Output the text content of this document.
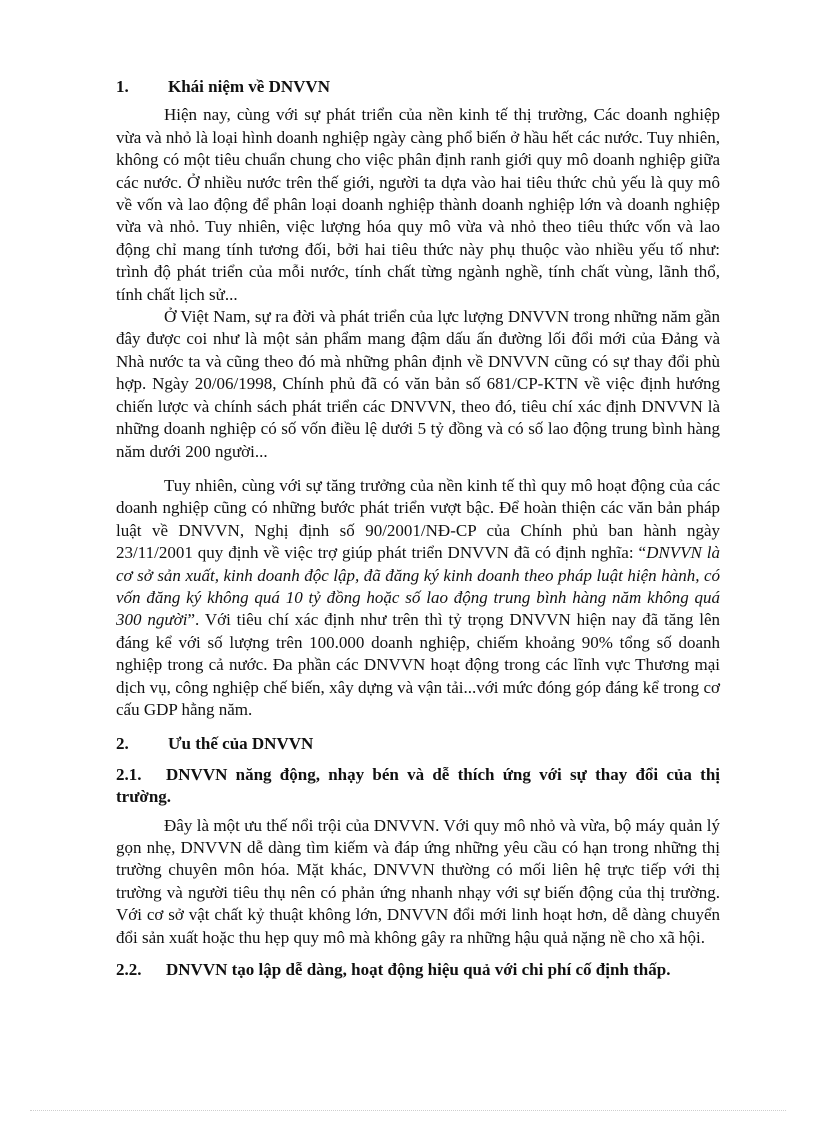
1. Khái niệm về DNVVN

Hiện nay, cùng với sự phát triển của nền kinh tế thị trường, Các doanh nghiệp vừa và nhỏ là loại hình doanh nghiệp ngày càng phổ biến ở hầu hết các nước. Tuy nhiên, không có một tiêu chuẩn chung cho việc phân định ranh giới quy mô doanh nghiệp giữa các nước. Ở nhiều nước trên thế giới, người ta dựa vào hai tiêu thức chủ yếu là quy mô về vốn và lao động để phân loại doanh nghiệp thành doanh nghiệp lớn và doanh nghiệp vừa và nhỏ. Tuy nhiên, việc lượng hóa quy mô vừa và nhỏ theo tiêu thức vốn và lao động chỉ mang tính tương đối, bởi hai tiêu thức này phụ thuộc vào nhiều yếu tố như: trình độ phát triển của mỗi nước, tính chất từng ngành nghề, tính chất vùng, lãnh thổ, tính chất lịch sử...

Ở Việt Nam, sự ra đời và phát triển của lực lượng DNVVN trong những năm gần đây được coi như là một sản phẩm mang đậm dấu ấn đường lối đổi mới của Đảng và Nhà nước ta và cũng theo đó mà những phân định về DNVVN cũng có sự thay đổi phù hợp. Ngày 20/06/1998, Chính phủ đã có văn bản số 681/CP-KTN về việc định hướng chiến lược và chính sách phát triển các DNVVN, theo đó, tiêu chí xác định DNVVN là những doanh nghiệp có số vốn điều lệ dưới 5 tỷ đồng và có số lao động trung bình hàng năm dưới 200 người...

Tuy nhiên, cùng với sự tăng trưởng của nền kinh tế thì quy mô hoạt động của các doanh nghiệp cũng có những bước phát triển vượt bậc. Để hoàn thiện các văn bản pháp luật về DNVVN, Nghị định số 90/2001/NĐ-CP của Chính phủ ban hành ngày 23/11/2001 quy định về việc trợ giúp phát triển DNVVN đã có định nghĩa: “DNVVN là cơ sở sản xuất, kinh doanh độc lập, đã đăng ký kinh doanh theo pháp luật hiện hành, có vốn đăng ký không quá 10 tỷ đồng hoặc số lao động trung bình hàng năm không quá 300 người”. Với tiêu chí xác định như trên thì tỷ trọng DNVVN hiện nay đã tăng lên đáng kể với số lượng trên 100.000 doanh nghiệp, chiếm khoảng 90% tổng số doanh nghiệp trong cả nước. Đa phần các DNVVN hoạt động trong các lĩnh vực Thương mại dịch vụ, công nghiệp chế biến, xây dựng và vận tải...với mức đóng góp đáng kể trong cơ cấu GDP hằng năm.

2. Ưu thế của DNVVN
2.1. DNVVN năng động, nhạy bén và dễ thích ứng với sự thay đổi của thị trường.

Đây là một ưu thế nổi trội của DNVVN. Với quy mô nhỏ và vừa, bộ máy quản lý gọn nhẹ, DNVVN dễ dàng tìm kiếm và đáp ứng những yêu cầu có hạn trong những thị trường chuyên môn hóa. Mặt khác, DNVVN thường có mối liên hệ trực tiếp với thị trường và người tiêu thụ nên có phản ứng nhanh nhạy với sự biến động của thị trường. Với cơ sở vật chất kỷ thuật không lớn, DNVVN đổi mới linh hoạt hơn, dễ dàng chuyển đổi sản xuất hoặc thu hẹp quy mô mà không gây ra những hậu quả nặng nề cho xã hội.

2.2. DNVVN tạo lập dễ dàng, hoạt động hiệu quả với chi phí cố định thấp.
